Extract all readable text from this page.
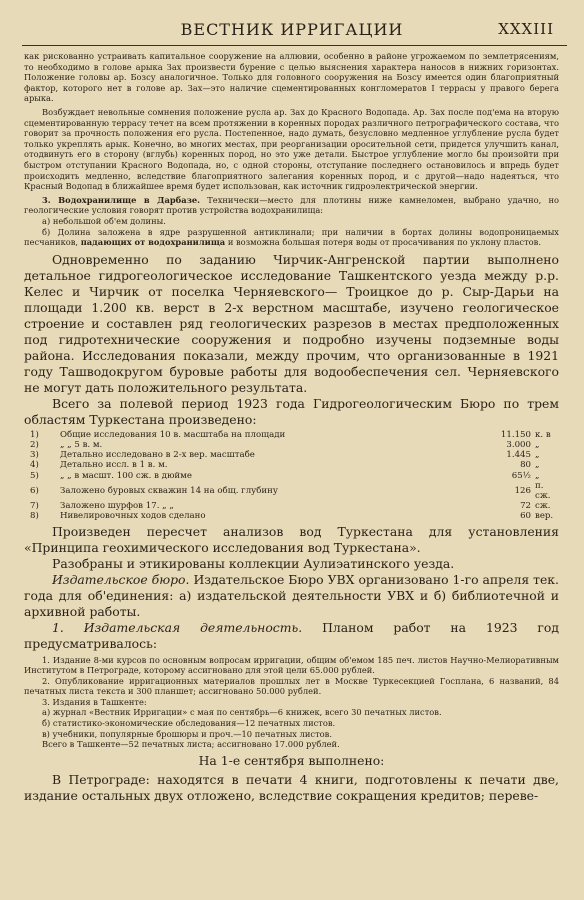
ВЕСТНИК ИРРИГАЦИИ	XXXIII

как рискованно устраивать капитальное сооружение на аллювии, особенно в районе угрожаемом по землетрясениям, то необходимо в голове арыка Зах произвести бурение с целью выяснения характера наносов в нижних горизонтах. Положение головы ар. Бозсу аналогичное. Только для головного сооружения на Бозсу имеется один благоприятный фактор, которого нет в голове ар. Зах—это наличие сцементированных конгломератов I террасы у правого берега арыка.

Возбуждает невольные сомнения положение русла ар. Зах до Красного Водопада. Ар. Зах после под'ема на вторую сцементированную террасу течет на всем протяжении в коренных породах различного петрографического состава, что говорит за прочность положения его русла. Постепенное, надо думать, безусловно медленное углубление русла будет только укреплять арык. Конечно, во многих местах, при реорганизации оросительной сети, придется улучшить канал, отодвинуть его в сторону (вглубь) коренных пород, но это уже детали. Быстрое углубление могло бы произойти при быстром отступании Красного Водопада, но, с одной стороны, отступание последнего остановилось и впредь будет происходить медленно, вследствие благоприятного залегания коренных пород, и с другой—надо надеяться, что Красный Водопад в ближайшее время будет использован, как источник гидроэлектрической энергии.

3. Водохранилище в Дарбазе. Технически—место для плотины ниже камнеломен, выбрано удачно, но геологические условия говорят против устройства водохранилища:

а) небольшой об'ем долины.

б) Долина заложена в ядре разрушенной антиклинали; при наличии в бортах долины водопроницаемых песчаников, падающих от водохранилища и возможна большая потеря воды от просачивания по уклону пластов.

Одновременно по заданию Чирчик-Ангренской партии выполнено детальное гидрогеологическое исследование Ташкентского уезда между р.р. Келес и Чирчик от поселка Черняевского— Троицкое до р. Сыр-Дарьи на площади 1.200 кв. верст в 2-х верстном масштабе, изучено геологическое строение и составлен ряд геологических разрезов в местах предположенных под гидротехнические сооружения и подробно изучены подземные воды района. Исследования показали, между прочим, что организованные в 1921 году Ташводокругом буровые работы для водообеспечения сел. Черняевского не могут дать положительного результата.

Всего за полевой период 1923 года Гидрогеологическим Бюро по трем областям Туркестана произведено:

1)	Общие исследования 10 в. масштаба на площади	11.150	к. в
2)	„ „ 5 в. м.	3.000	„
3)	Детально исследовано в 2-х вер. масштабе	1.445	„
4)	Детально иссл. в 1 в. м.	80	„
5)	„ „ в масшт. 100 сж. в дюйме	65½	„
6)	Заложено буровых скважин 14 на общ. глубину	126	п. сж.
7)	Заложено шурфов 17. „ „	72	сж.
8)	Нивелировочных ходов сделано	60	вер.

Произведен пересчет анализов вод Туркестана для установления «Принципа геохимического исследования вод Туркестана».

Разобраны и этикированы коллекции Аулиэатинского уезда.

Издательское бюро. Издательское Бюро УВХ организовано 1-го апреля тек. года для об'единения: а) издательской деятельности УВХ и б) библиотечной и архивной работы.

1. Издательская деятельность. Планом работ на 1923 год предусматривалось:

1. Издание 8-ми курсов по основным вопросам ирригации, общим об'емом 185 печ. листов Научно-Мелиоративным Институтом в Петрограде, которому ассигновано для этой цели 65.000 рублей.

2. Опубликование ирригационных материалов прошлых лет в Москве Туркесекцией Госплана, 6 названий, 84 печатных листа текста и 300 планшет; ассигновано 50.000 рублей.

3. Издания в Ташкенте:

а) журнал «Вестник Ирригации» с мая по сентябрь—6 книжек, всего 30 печатных листов.

б) статистико-экономические обследования—12 печатных листов.

в) учебники, популярные брошюры и проч.—10 печатных листов.

Всего в Ташкенте—52 печатных листа; ассигновано 17.000 рублей.

На 1-е сентября выполнено:

В Петрограде: находятся в печати 4 книги, подготовлены к печати две, издание остальных двух отложено, вследствие сокращения кредитов; переве-
